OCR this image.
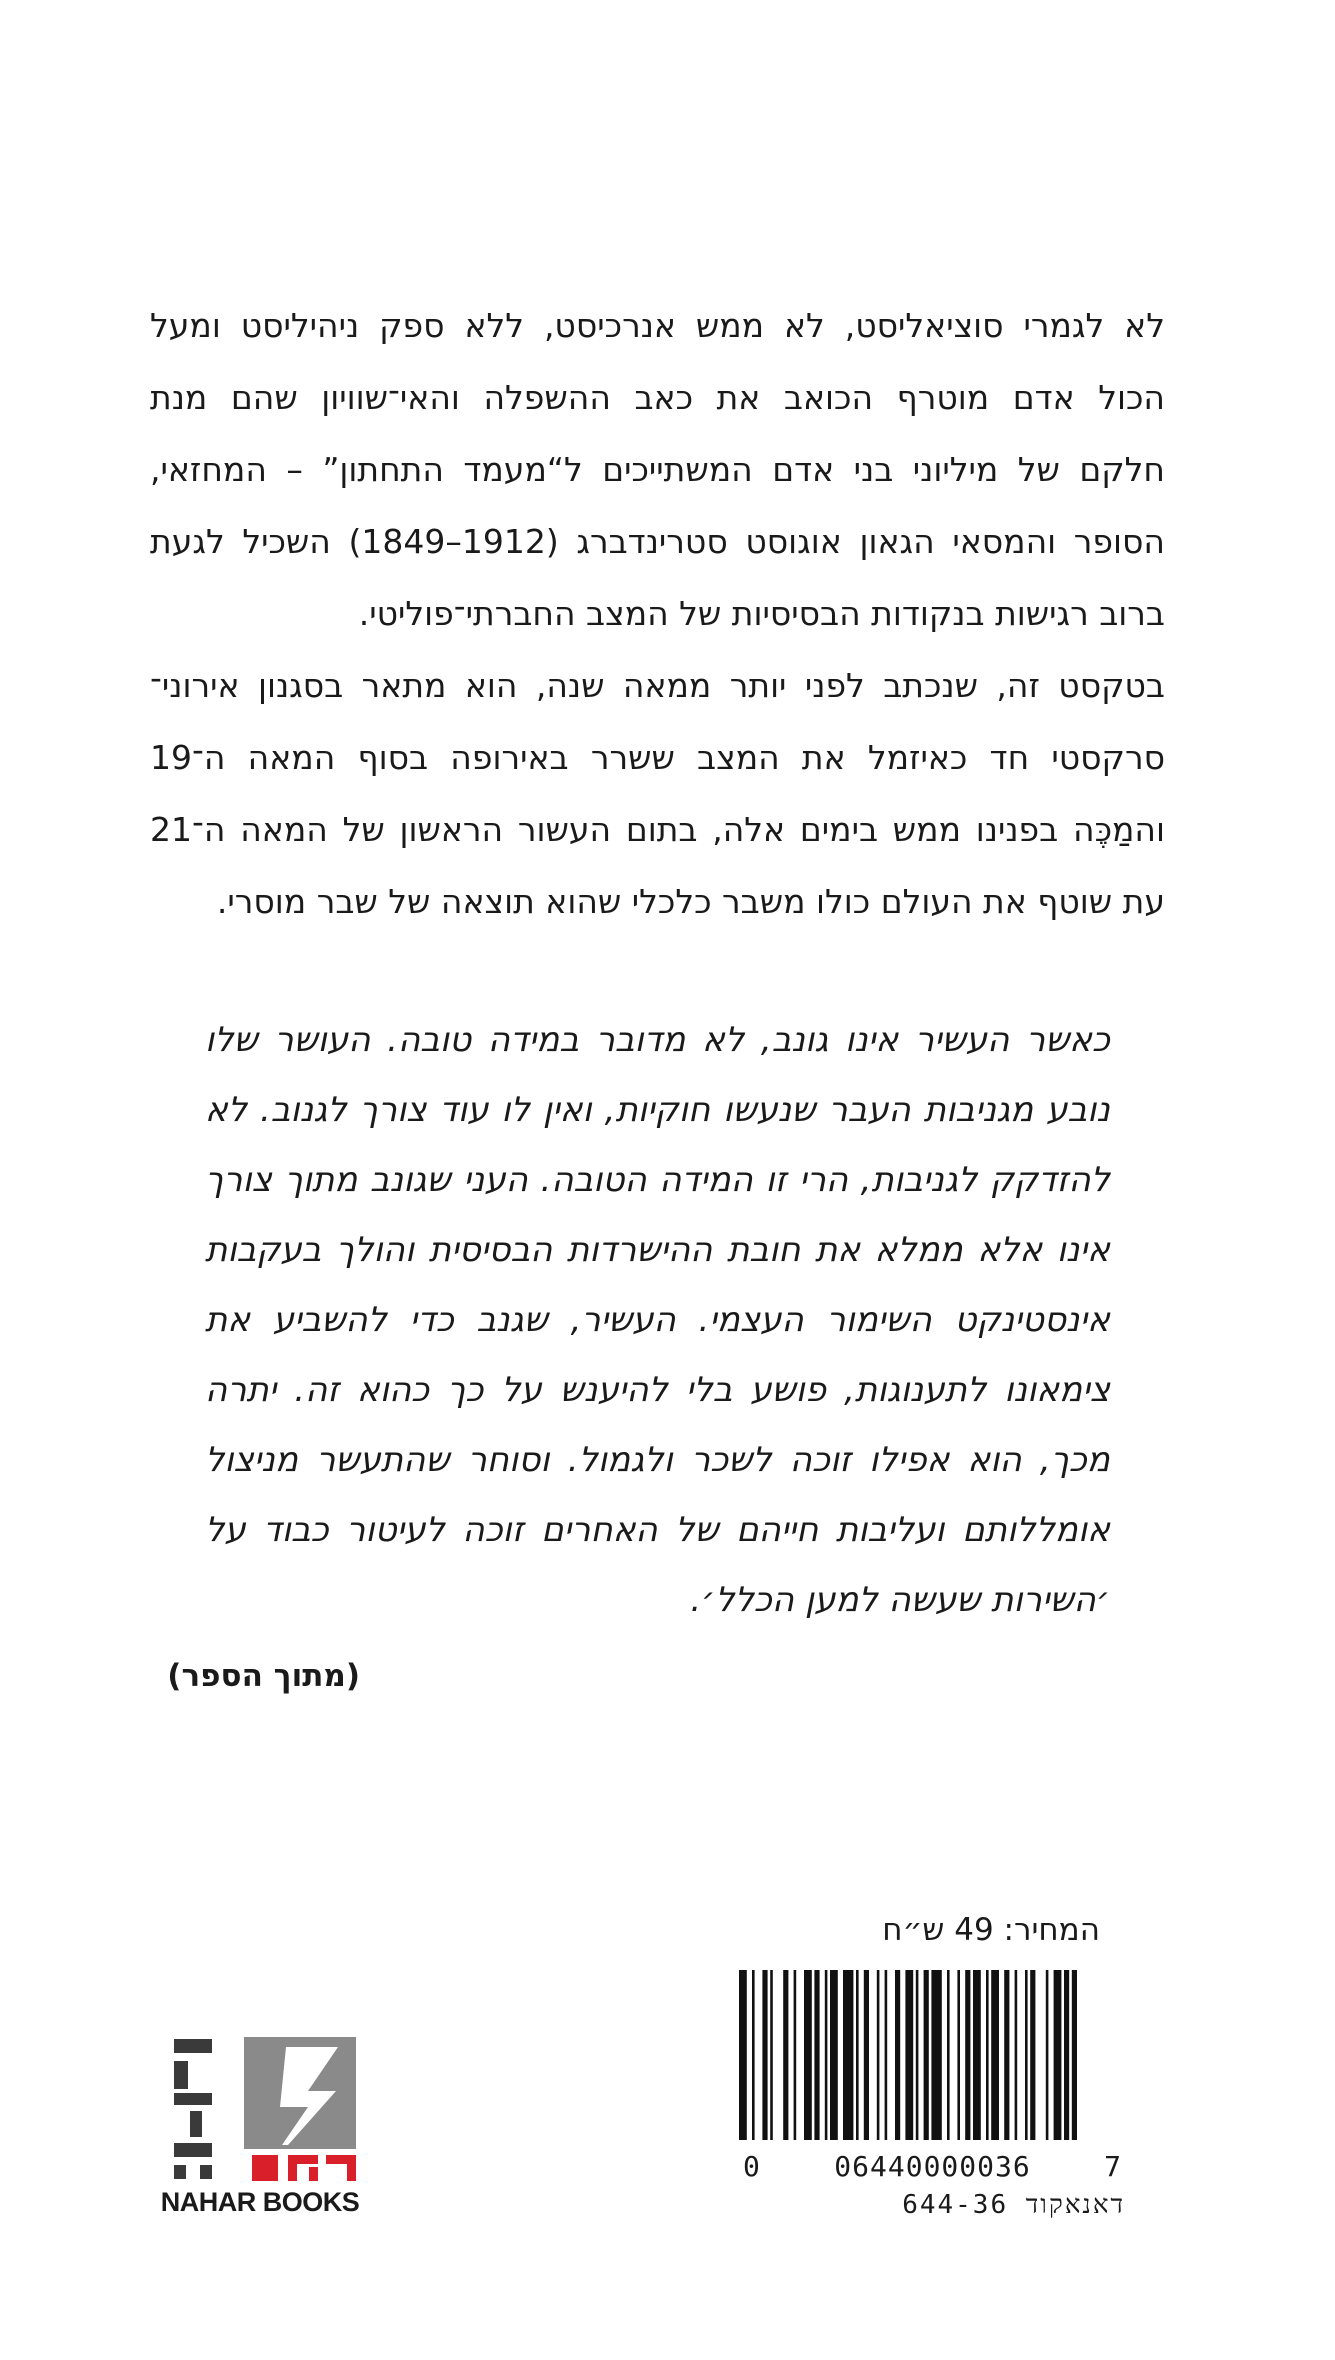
לא לגמרי סוציאליסט, לא ממש אנרכיסט, ללא ספק ניהיליסט ומעל
הכול אדם מוטרף הכואב את כאב ההשפלה והאי־שוויון שהם מנת
חלקם של מיליוני בני אדם המשתייכים ל“מעמד התחתון” – המחזאי,
הסופר והמסאי הגאון אוגוסט סטרינדברג (1912–1849) השכיל לגעת
ברוב רגישות בנקודות הבסיסיות של המצב החברתי־פוליטי.
בטקסט זה, שנכתב לפני יותר ממאה שנה, הוא מתאר בסגנון אירוני־
סרקסטי חד כאיזמל את המצב ששרר באירופה בסוף המאה ה־19
והמַכֶּה בפנינו ממש בימים אלה, בתום העשור הראשון של המאה ה־21
עת שוטף את העולם כולו משבר כלכלי שהוא תוצאה של שבר מוסרי.
כאשר העשיר אינו גונב, לא מדובר במידה טובה. העושר שלו
נובע מגניבות העבר שנעשו חוקיות, ואין לו עוד צורך לגנוב. לא
להזדקק לגניבות, הרי זו המידה הטובה. העני שגונב מתוך צורך
אינו אלא ממלא את חובת ההישרדות הבסיסית והולך בעקבות
אינסטינקט השימור העצמי. העשיר, שגנב כדי להשביע את
צימאונו לתענוגות, פושע בלי להיענש על כך כהוא זה. יתרה
מכך, הוא אפילו זוכה לשכר ולגמול. וסוחר שהתעשר מניצול
אומללותם ועליבות חייהם של האחרים זוכה לעיטור כבוד על
׳השירות שעשה למען הכלל׳.
(מתוך הספר)
המחיר: 49 ש״ח
0	06440000036	7
דאנאקוד 644-36
NAHAR BOOKS
